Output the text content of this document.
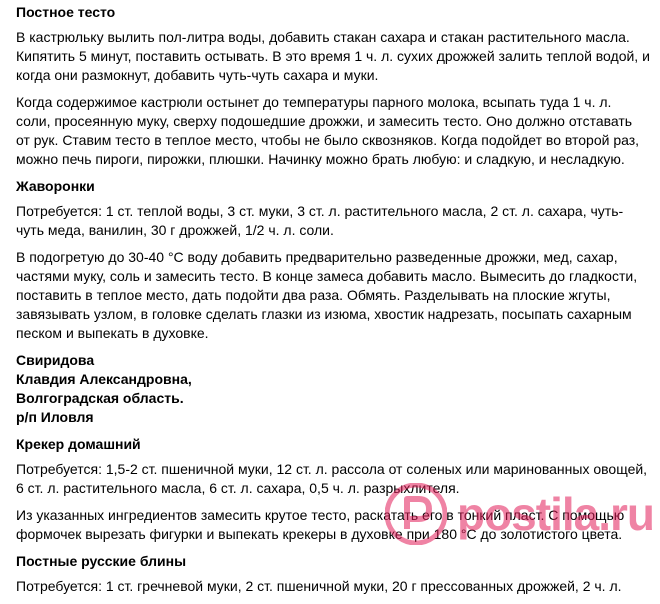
Постное тесто
В кастрюльку вылить пол-литра воды, добавить стакан сахара и стакан растительного масла.
Кипятить 5 минут, поставить остывать. В это время 1 ч. л. сухих дрожжей залить теплой водой, и
когда они размокнут, добавить чуть-чуть сахара и муки.
Когда содержимое кастрюли остынет до температуры парного молока, всыпать туда 1 ч. л.
соли, просеянную муку, сверху подошедшие дрожжи, и замесить тесто. Оно должно отставать
от рук. Ставим тесто в теплое место, чтобы не было сквозняков. Когда подойдет во второй раз,
можно печь пироги, пирожки, плюшки. Начинку можно брать любую: и сладкую, и несладкую.
Жаворонки
Потребуется: 1 ст. теплой воды, 3 ст. муки, 3 ст. л. растительного масла, 2 ст. л. сахара, чуть-
чуть меда, ванилин, 30 г дрожжей, 1/2 ч. л. соли.
В подогретую до 30-40 °С воду добавить предварительно разведенные дрожжи, мед, сахар,
частями муку, соль и замесить тесто. В конце замеса добавить масло. Вымесить до гладкости,
поставить в теплое место, дать подойти два раза. Обмять. Разделывать на плоские жгуты,
завязывать узлом, в головке сделать глазки из изюма, хвостик надрезать, посыпать сахарным
песком и выпекать в духовке.
Свиридова
Клавдия Александровна,
Волгоградская область.
р/п Иловля
Крекер домашний
Потребуется: 1,5-2 ст. пшеничной муки, 12 ст. л. рассола от соленых или маринованных овощей,
6 ст. л. растительного масла, 6 ст. л. сахара, 0,5 ч. л. разрыхлителя.
Из указанных ингредиентов замесить крутое тесто, раскатать его в тонкий пласт. С помощью
формочек вырезать фигурки и выпекать крекеры в духовке при 180 °С до золотистого цвета.
Постные русские блины
Потребуется: 1 ст. гречневой муки, 2 ст. пшеничной муки, 20 г прессованных дрожжей, 2 ч. л.
postila.ru
